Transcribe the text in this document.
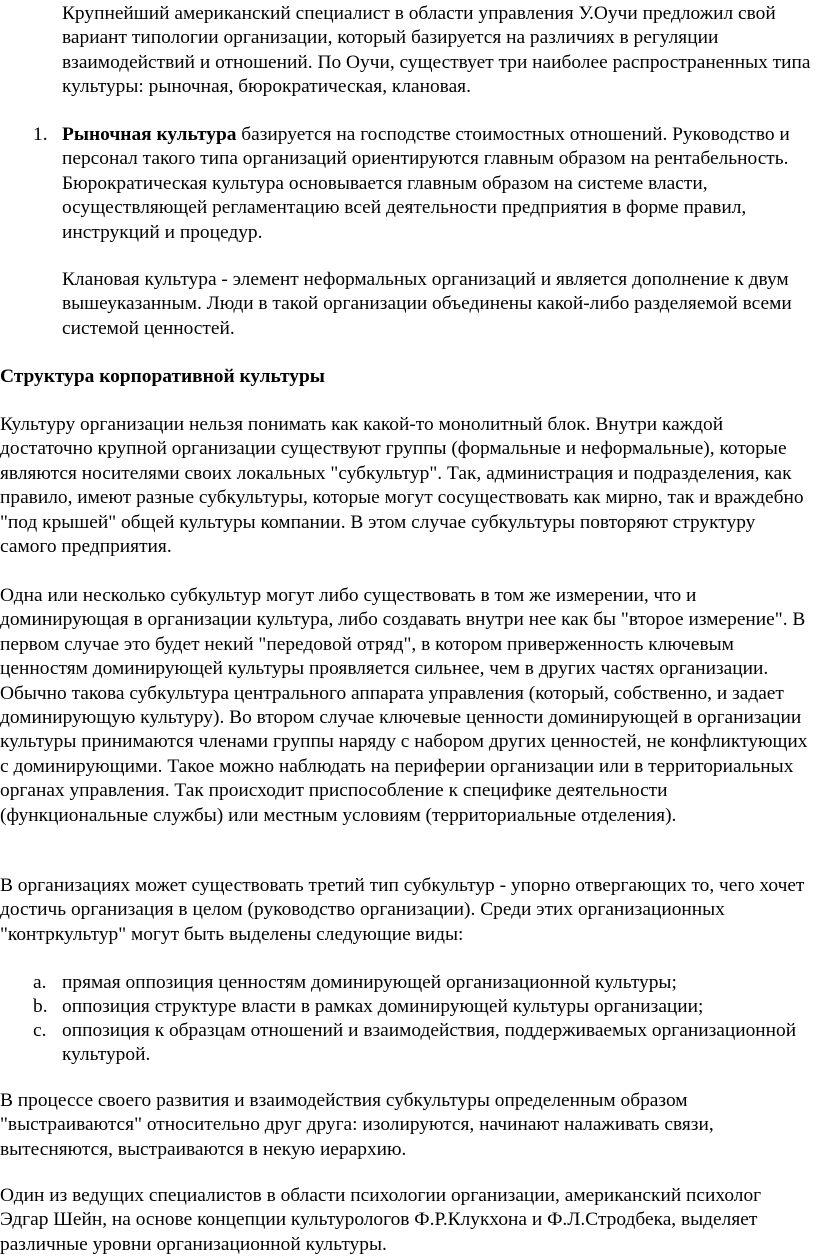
Крупнейший американский специалист в области управления У.Оучи предложил свой вариант типологии организации, который базируется на различиях в регуляции взаимодействий и отношений. По Оучи, существует три наиболее распространенных типа культуры: рыночная, бюрократическая, клановая.

1. Рыночная культура базируется на господстве стоимостных отношений. Руководство и персонал такого типа организаций ориентируются главным образом на рентабельность. Бюрократическая культура основывается главным образом на системе власти, осуществляющей регламентацию всей деятельности предприятия в форме правил, инструкций и процедур.

Клановая культура - элемент неформальных организаций и является дополнение к двум вышеуказанным. Люди в такой организации объединены какой-либо разделяемой всеми системой ценностей.

Структура корпоративной культуры

Культуру организации нельзя понимать как какой-то монолитный блок. Внутри каждой достаточно крупной организации существуют группы (формальные и неформальные), которые являются носителями своих локальных "субкультур". Так, администрация и подразделения, как правило, имеют разные субкультуры, которые могут сосуществовать как мирно, так и враждебно "под крышей" общей культуры компании. В этом случае субкультуры повторяют структуру самого предприятия.

Одна или несколько субкультур могут либо существовать в том же измерении, что и доминирующая в организации культура, либо создавать внутри нее как бы "второе измерение". В первом случае это будет некий "передовой отряд", в котором приверженность ключевым ценностям доминирующей культуры проявляется сильнее, чем в других частях организации. Обычно такова субкультура центрального аппарата управления (который, собственно, и задает доминирующую культуру). Во втором случае ключевые ценности доминирующей в организации культуры принимаются членами группы наряду с набором других ценностей, не конфликтующих с доминирующими. Такое можно наблюдать на периферии организации или в территориальных органах управления. Так происходит приспособление к специфике деятельности (функциональные службы) или местным условиям (территориальные отделения).

В организациях может существовать третий тип субкультур - упорно отвергающих то, чего хочет достичь организация в целом (руководство организации). Среди этих организационных "контркультур" могут быть выделены следующие виды:

a. прямая оппозиция ценностям доминирующей организационной культуры;
b. оппозиция структуре власти в рамках доминирующей культуры организации;
c. оппозиция к образцам отношений и взаимодействия, поддерживаемых организационной культурой.

В процессе своего развития и взаимодействия субкультуры определенным образом "выстраиваются" относительно друг друга: изолируются, начинают налаживать связи, вытесняются, выстраиваются в некую иерархию.

Один из ведущих специалистов в области психологии организации, американский психолог Эдгар Шейн, на основе концепции культурологов Ф.Р.Клукхона и Ф.Л.Стродбека, выделяет различные уровни организационной культуры.
